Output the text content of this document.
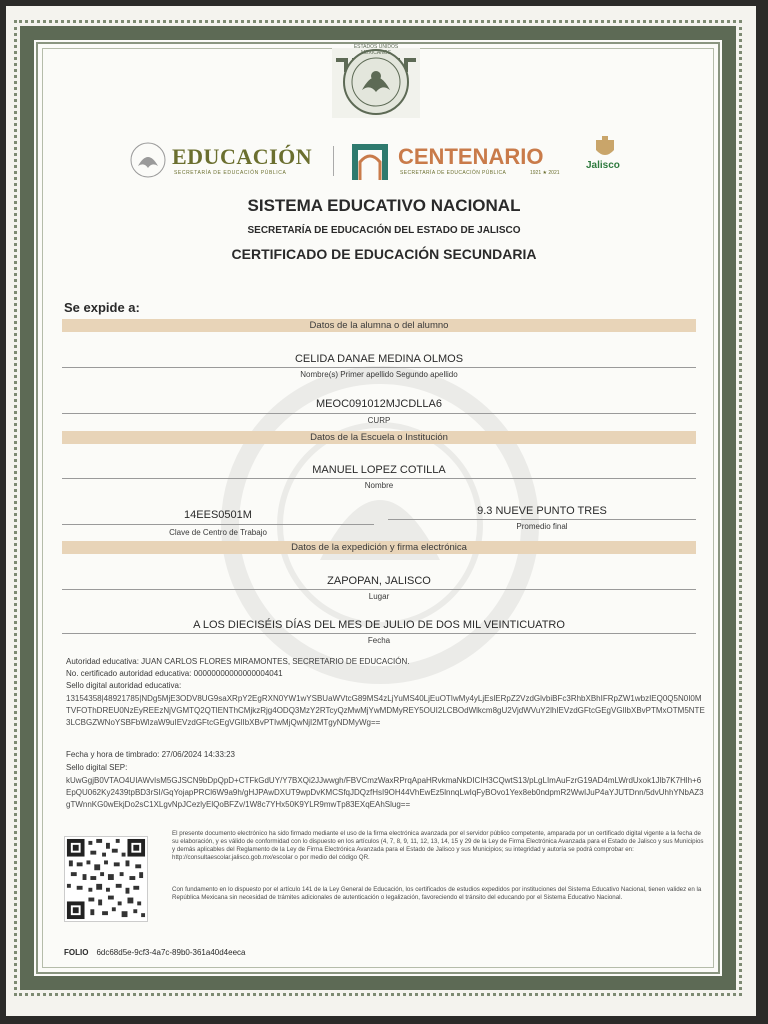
ESTADOS UNIDOS MEXICANOS
EDUCACIÓN
SECRETARÍA DE EDUCACIÓN PÚBLICA
CENTENARIO
SECRETARÍA DE EDUCACIÓN PÚBLICA	1921 ★ 2021
Jalisco
SISTEMA EDUCATIVO NACIONAL
SECRETARÍA DE EDUCACIÓN DEL ESTADO DE JALISCO
CERTIFICADO DE EDUCACIÓN SECUNDARIA
Se expide a:
Datos de la alumna o del alumno
CELIDA DANAE MEDINA OLMOS
Nombre(s) Primer apellido Segundo apellido
MEOC091012MJCDLLA6
CURP
Datos de la Escuela o Institución
MANUEL LOPEZ COTILLA
Nombre
14EES0501M
Clave de Centro de Trabajo
9.3 NUEVE PUNTO TRES
Promedio final
Datos de la expedición y firma electrónica
ZAPOPAN, JALISCO
Lugar
A LOS DIECISÉIS DÍAS DEL MES DE JULIO DE DOS MIL VEINTICUATRO
Fecha
Autoridad educativa: JUAN CARLOS FLORES MIRAMONTES, SECRETARIO DE EDUCACIÓN.
No. certificado autoridad educativa: 00000000000000004041
Sello digital autoridad educativa:
13154358|48921785|NDg5MjE3ODV8UG9saXRpY2EgRXN0YW1wYSBUaWVtcG89MS4zLjYuMS40LjEuOTIwMy4yLjEslERpZ2VzdGlvbiBFc3RhbXBhIFRpZW1wbzIEQ0Q5N0I0MTVFOThDREU0NzEyREEzNjVGMTQ2QTlENThCMjkzRjg4ODQ3MzY2RTcyQzMwMjYwMDMyREY5OUI2LCBOdWlkcm8gU2VjdWVuY2lhIEVzdGFtcGEgVGlIbXBvPTMxOTM5NTE3LCBGZWNoYSBFbWlzaW9uIEVzdGFtcGEgVGlIbXBvPTIwMjQwNjI2MTgyNDMyWg==
Fecha y hora de timbrado: 27/06/2024 14:33:23
Sello digital SEP:
kUwGgjB0VTAO4UIAWvIsM5GJSCN9bDpQpD+CTFkGdUY/Y7BXQi2JJwwgh/FBVCmzWaxRPrqApaHRvkmaNkDICIH3CQwtS13/pLgLImAuFzrG19AD4mLWrdUxok1Jlb7K7Hlh+6EpQU062Ky2439tpBD3rSI/GqYojapPRCl6W9a9h/gHJPAwDXUT9wpDvKMCSfqJDQzfHsI9OH44VhEwEz5lnnqLwIqFyBOvo1Yex8eb0ndpmR2WwIJuP4aYJUTDnn/5dvUhhYNbAZ3gTWnnKG0wEkjDo2sC1XLgvNpJCezlyElQoBFZv/1W8c7YHx50K9YLR9mwTp83EXqEAhSlug==
El presente documento electrónico ha sido firmado mediante el uso de la firma electrónica avanzada por el servidor público competente, amparada por un certificado digital vigente a la fecha de su elaboración, y es válido de conformidad con lo dispuesto en los artículos (4, 7, 8, 9, 11, 12, 13, 14, 15 y 29 de la Ley de Firma Electrónica Avanzada para el Estado de Jalisco y sus Municipios y demás aplicables del Reglamento de la Ley de Firma Electrónica Avanzada para el Estado de Jalisco y sus Municipios; su integridad y autoría se podrá comprobar en: http://consultaescolar.jalisco.gob.mx/escolar o por medio del código QR.
Con fundamento en lo dispuesto por el artículo 141 de la Ley General de Educación, los certificados de estudios expedidos por instituciones del Sistema Educativo Nacional, tienen validez en la República Mexicana sin necesidad de trámites adicionales de autenticación o legalización, favoreciendo el tránsito del educando por el Sistema Educativo Nacional.
FOLIO 6dc68d5e-9cf3-4a7c-89b0-361a40d4eeca
